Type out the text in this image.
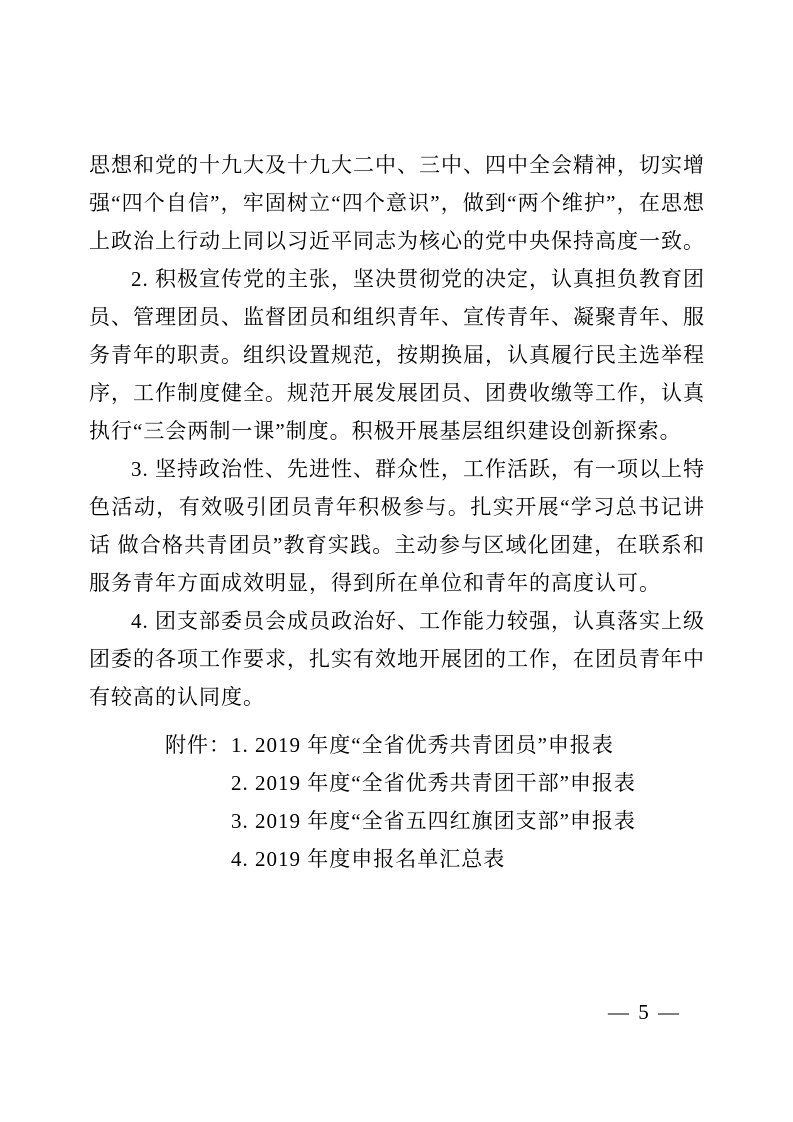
思想和党的十九大及十九大二中、三中、四中全会精神，切实增强“四个自信”，牢固树立“四个意识”，做到“两个维护”，在思想上政治上行动上同以习近平同志为核心的党中央保持高度一致。

2. 积极宣传党的主张，坚决贯彻党的决定，认真担负教育团员、管理团员、监督团员和组织青年、宣传青年、凝聚青年、服务青年的职责。组织设置规范，按期换届，认真履行民主选举程序，工作制度健全。规范开展发展团员、团费收缴等工作，认真执行“三会两制一课”制度。积极开展基层组织建设创新探索。

3. 坚持政治性、先进性、群众性，工作活跃，有一项以上特色活动，有效吸引团员青年积极参与。扎实开展“学习总书记讲话 做合格共青团员”教育实践。主动参与区域化团建，在联系和服务青年方面成效明显，得到所在单位和青年的高度认可。

4. 团支部委员会成员政治好、工作能力较强，认真落实上级团委的各项工作要求，扎实有效地开展团的工作，在团员青年中有较高的认同度。

附件： 1. 2019 年度“全省优秀共青团员”申报表
2. 2019 年度“全省优秀共青团干部”申报表
3. 2019 年度“全省五四红旗团支部”申报表
4. 2019 年度申报名单汇总表
— 5 —
